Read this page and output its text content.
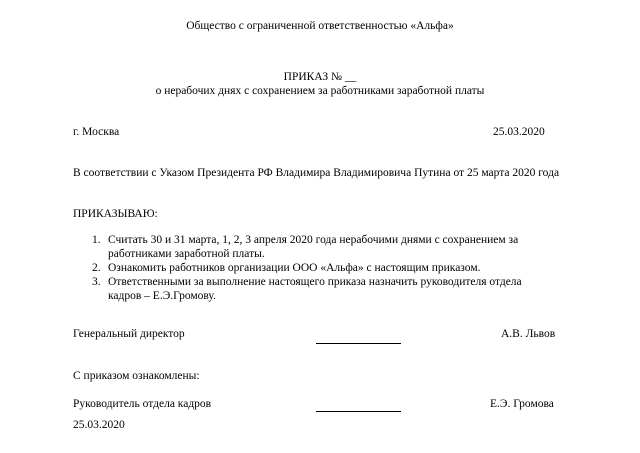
Общество с ограниченной ответственностью «Альфа»
ПРИКАЗ № __
о нерабочих днях с сохранением за работниками заработной платы
г. Москва	25.03.2020
В соответствии с Указом Президента РФ Владимира Владимировича Путина от 25 марта 2020 года
ПРИКАЗЫВАЮ:
1. Считать 30 и 31 марта, 1, 2, 3 апреля 2020 года нерабочими днями с сохранением за работниками заработной платы.
2. Ознакомить работников организации ООО «Альфа» с настоящим приказом.
3. Ответственными за выполнение настоящего приказа назначить руководителя отдела кадров – Е.Э.Громову.
Генеральный директор	А.В. Львов
С приказом ознакомлены:
Руководитель отдела кадров	Е.Э. Громова
25.03.2020
